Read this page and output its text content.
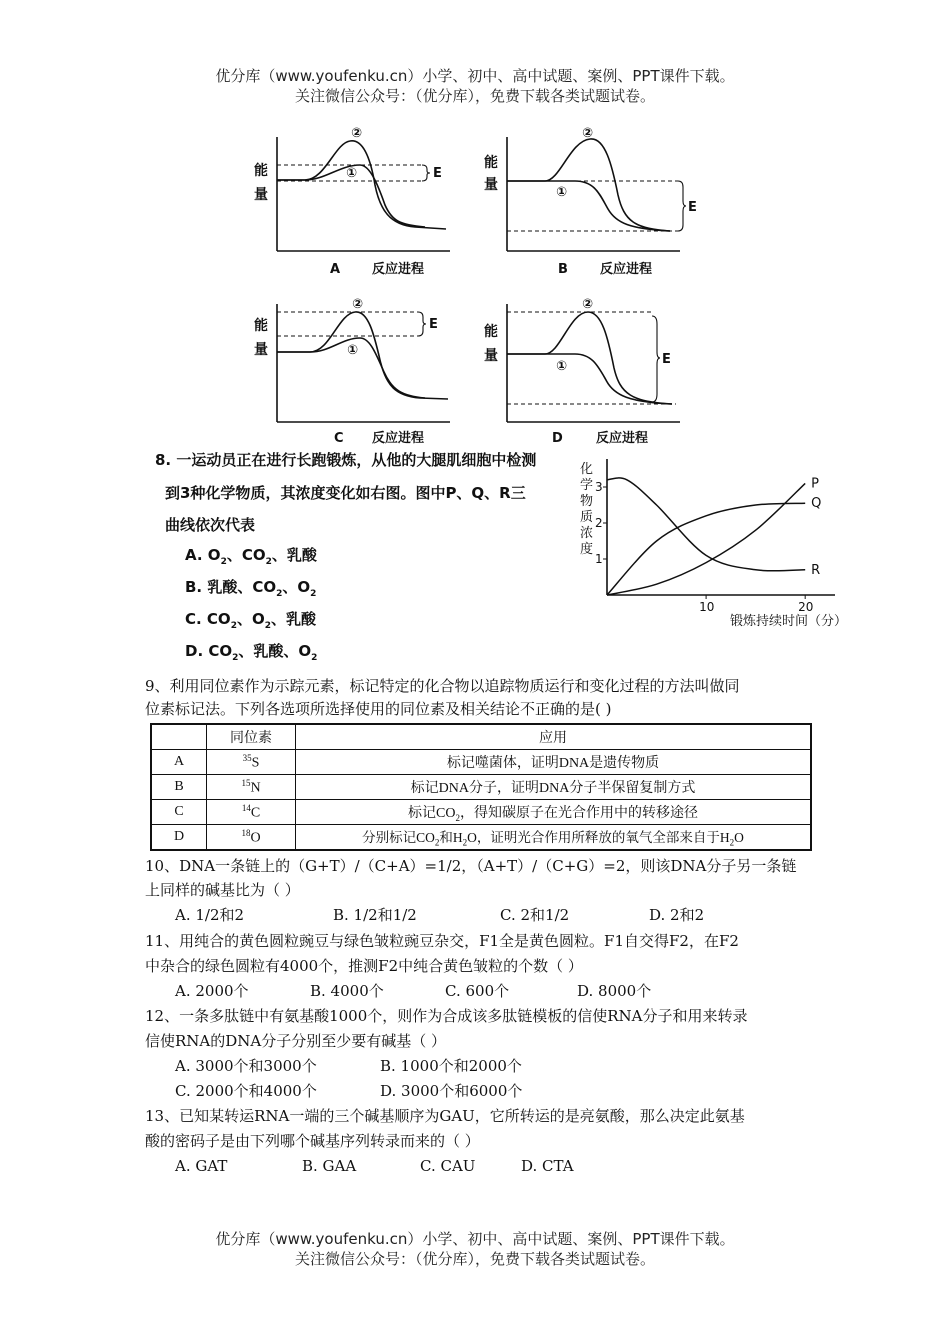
优分库（www.youfenku.cn）小学、初中、高中试题、案例、PPT课件下载。
关注微信公众号：（优分库），免费下载各类试题试卷。
能
量
E
②
①
A 反应进程
能
量
E
②
①
B 反应进程
能
量
E
②
①
C 反应进程
能
量	E
②
①
D	反应进程
8. 一运动员正在进行长跑锻炼，从他的大腿肌细胞中检测
到3种化学物质，其浓度变化如右图。图中P、Q、R三
曲线依次代表
A. $O_2$、$CO_2$、乳酸
B. 乳酸、$CO_2$、$O_2$
C. $CO_2$、$O_2$、乳酸
D. $CO_2$、乳酸、$O_2$
化
学
物
质
浓
度
1
2
3
10	20
P
Q
R
锻炼持续时间（分）
9、利用同位素作为示踪元素，标记特定的化合物以追踪物质运行和变化过程的方法叫做同
位素标记法。下列各选项所选择使用的同位素及相关结论不正确的是( )
	同位素	应用
A	$^{35}$S	标记噬菌体，证明DNA是遗传物质
B	$^{15}$N	标记DNA分子，证明DNA分子半保留复制方式
C	$^{14}$C	标记$CO_2$，得知碳原子在光合作用中的转移途径
D	$^{18}$O	分别标记$CO_2$和$H_2O$，证明光合作用所释放的氧气全部来自于$H_2O$
10、DNA一条链上的（G+T）/（C+A）=1/2，（A+T）/（C+G）=2，则该DNA分子另一条链
上同样的碱基比为（ ）
A. 1/2和2	B. 1/2和1/2	C. 2和1/2	D. 2和2
11、用纯合的黄色圆粒豌豆与绿色皱粒豌豆杂交，F1全是黄色圆粒。F1自交得F2，在F2
中杂合的绿色圆粒有4000个，推测F2中纯合黄色皱粒的个数（ ）
A. 2000个	B. 4000个	C. 600个	D. 8000个
12、一条多肽链中有氨基酸1000个，则作为合成该多肽链模板的信使RNA分子和用来转录
信使RNA的DNA分子分别至少要有碱基（ ）
A. 3000个和3000个	B. 1000个和2000个
C. 2000个和4000个	D. 3000个和6000个
13、已知某转运RNA一端的三个碱基顺序为GAU，它所转运的是亮氨酸，那么决定此氨基
酸的密码子是由下列哪个碱基序列转录而来的（ ）
A. GAT	B. GAA	C. CAU	D. CTA
优分库（www.youfenku.cn）小学、初中、高中试题、案例、PPT课件下载。
关注微信公众号：（优分库），免费下载各类试题试卷。
